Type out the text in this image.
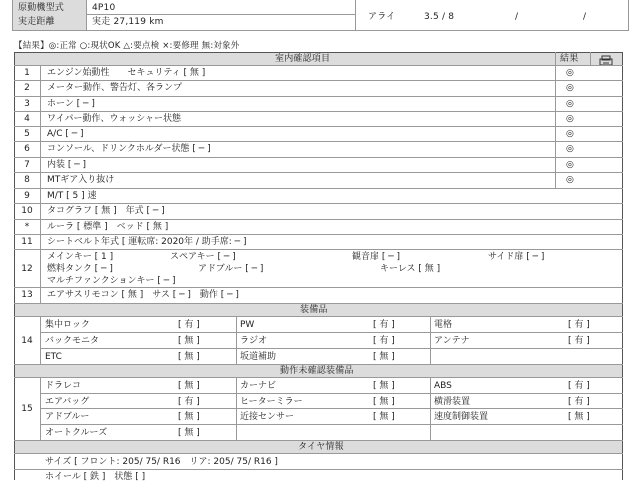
原動機型式	4P10
実走距離	実走 27,119 km	アライ	3.5 / 8	/	/
【結果】◎:正常 ○:現状OK △:要点検 ×:要修理 無:対象外
室内確認項目	結果
1	エンジン始動性　　セキュリティ [ 無 ]	◎
2	メーター動作、警告灯、各ランプ	◎
3	ホーン [ ─ ]	◎
4	ワイパー動作、ウォッシャー状態	◎
5	A/C [ ─ ]	◎
6	コンソール、ドリンクホルダー状態 [ ─ ]	◎
7	内装 [ ─ ]	◎
8	MTギア入り抜け	◎
9	M/T [ 5 ] 速
10	タコグラフ [ 無 ]　年式 [ ─ ]
*	ルーラ [ 標準 ]　ベッド [ 無 ]
11	シートベルト年式 [ 運転席: 2020年 / 助手席: ─ ]
12
メインキー [ 1 ]	スペアキー [ ─ ]	観音扉 [ ─ ]	サイド扉 [ ─ ]
燃料タンク [ ─ ]	アドブルー [ ─ ]	キーレス [ 無 ]
マルチファンクションキー [ ─ ]
13	エアサスリモコン [ 無 ]　サス [ ─ ]　動作 [ ─ ]
装備品
14
集中ロック	[ 有 ]	PW	[ 有 ]	電格	[ 有 ]
バックモニタ	[ 無 ]	ラジオ	[ 有 ]	アンテナ	[ 有 ]
ETC	[ 無 ]	坂道補助	[ 無 ]
動作未確認装備品
15
ドラレコ	[ 無 ]	カーナビ	[ 無 ]	ABS	[ 有 ]
エアバッグ	[ 有 ]	ヒーターミラー	[ 無 ]	横滑装置	[ 有 ]
アドブルー	[ 無 ]	近接センサー	[ 無 ]	速度制御装置	[ 無 ]
オートクルーズ	[ 無 ]
タイヤ情報
サイズ [ フロント: 205/ 75/ R16　リア: 205/ 75/ R16 ]
ホイール [ 鉄 ]　状態 [ ]
